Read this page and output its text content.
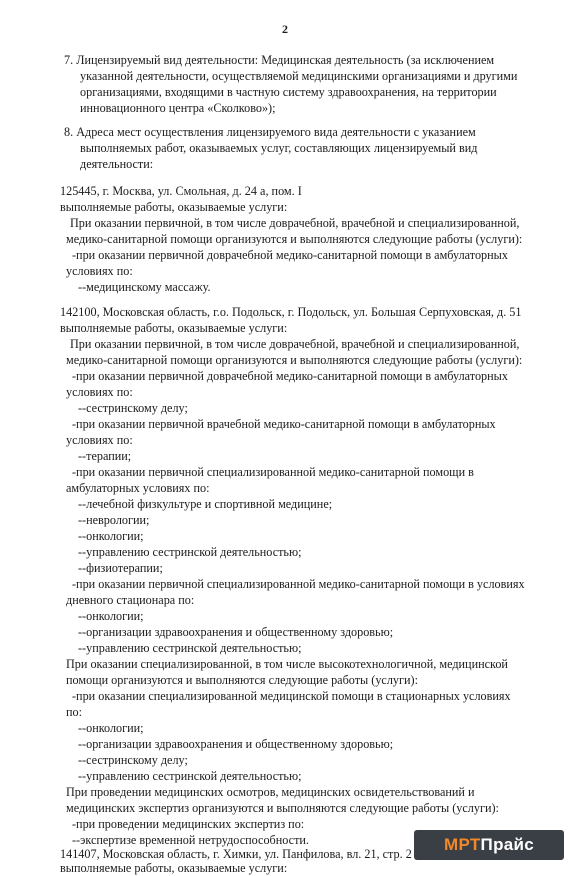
2
7. Лицензируемый вид деятельности: Медицинская деятельность (за исключением
указанной деятельности, осуществляемой медицинскими организациями и другими
организациями, входящими в частную систему здравоохранения, на территории
инновационного центра «Сколково»);
8. Адреса мест осуществления лицензируемого вида деятельности с указанием
выполняемых работ, оказываемых услуг, составляющих лицензируемый вид
деятельности:
125445, г. Москва, ул. Смольная, д. 24 а, пом. I
выполняемые работы, оказываемые услуги:
При оказании первичной, в том числе доврачебной, врачебной и специализированной,
медико-санитарной помощи организуются и выполняются следующие работы (услуги):
-при оказании первичной доврачебной медико-санитарной помощи в амбулаторных
условиях по:
--медицинскому массажу.
142100, Московская область, г.о. Подольск, г. Подольск, ул. Большая Серпуховская, д. 51
выполняемые работы, оказываемые услуги:
При оказании первичной, в том числе доврачебной, врачебной и специализированной,
медико-санитарной помощи организуются и выполняются следующие работы (услуги):
-при оказании первичной доврачебной медико-санитарной помощи в амбулаторных
условиях по:
--сестринскому делу;
-при оказании первичной врачебной медико-санитарной помощи в амбулаторных
условиях по:
--терапии;
-при оказании первичной специализированной медико-санитарной помощи в
амбулаторных условиях по:
--лечебной физкультуре и спортивной медицине;
--неврологии;
--онкологии;
--управлению сестринской деятельностью;
--физиотерапии;
-при оказании первичной специализированной медико-санитарной помощи в условиях
дневного стационара по:
--онкологии;
--организации здравоохранения и общественному здоровью;
--управлению сестринской деятельностью;
При оказании специализированной, в том числе высокотехнологичной, медицинской
помощи организуются и выполняются следующие работы (услуги):
-при оказании специализированной медицинской помощи в стационарных условиях
по:
--онкологии;
--организации здравоохранения и общественному здоровью;
--сестринскому делу;
--управлению сестринской деятельностью;
При проведении медицинских осмотров, медицинских освидетельствований и
медицинских экспертиз организуются и выполняются следующие работы (услуги):
-при проведении медицинских экспертиз по:
--экспертизе временной нетрудоспособности.
141407, Московская область, г. Химки, ул. Панфилова, вл. 21, стр. 2
выполняемые работы, оказываемые услуги:
МРТ Прайс
